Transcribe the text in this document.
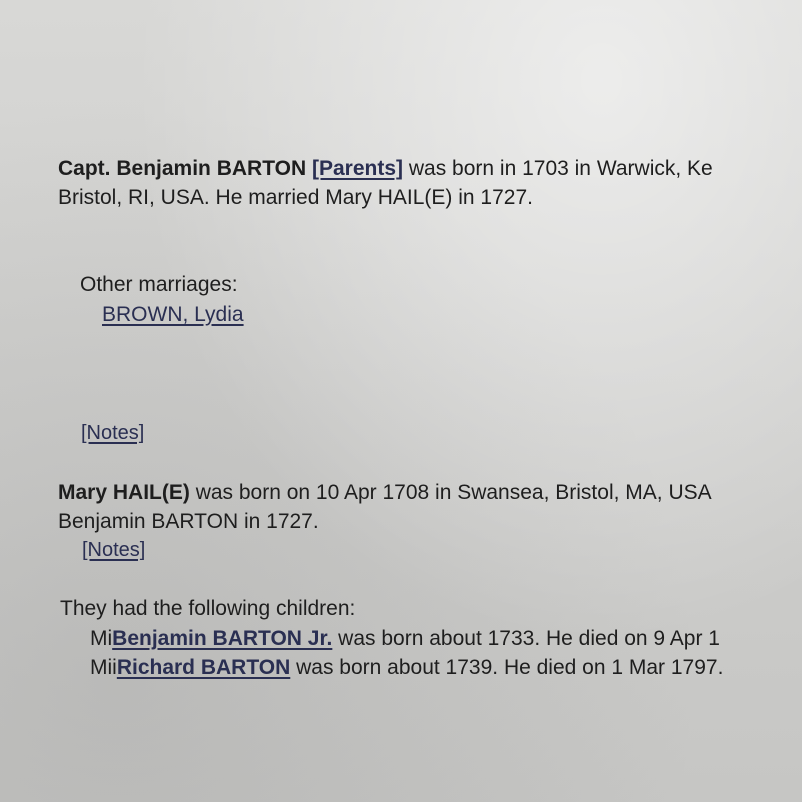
Capt. Benjamin BARTON [Parents] was born in 1703 in Warwick, Ke
Bristol, RI, USA. He married Mary HAIL(E) in 1727.
Other marriages:
BROWN, Lydia
[Notes]
Mary HAIL(E) was born on 10 Apr 1708 in Swansea, Bristol, MA, USA
Benjamin BARTON in 1727.
[Notes]
They had the following children:
MiBenjamin BARTON Jr. was born about 1733. He died on 9 Apr 1
MiiRichard BARTON was born about 1739. He died on 1 Mar 1797.
